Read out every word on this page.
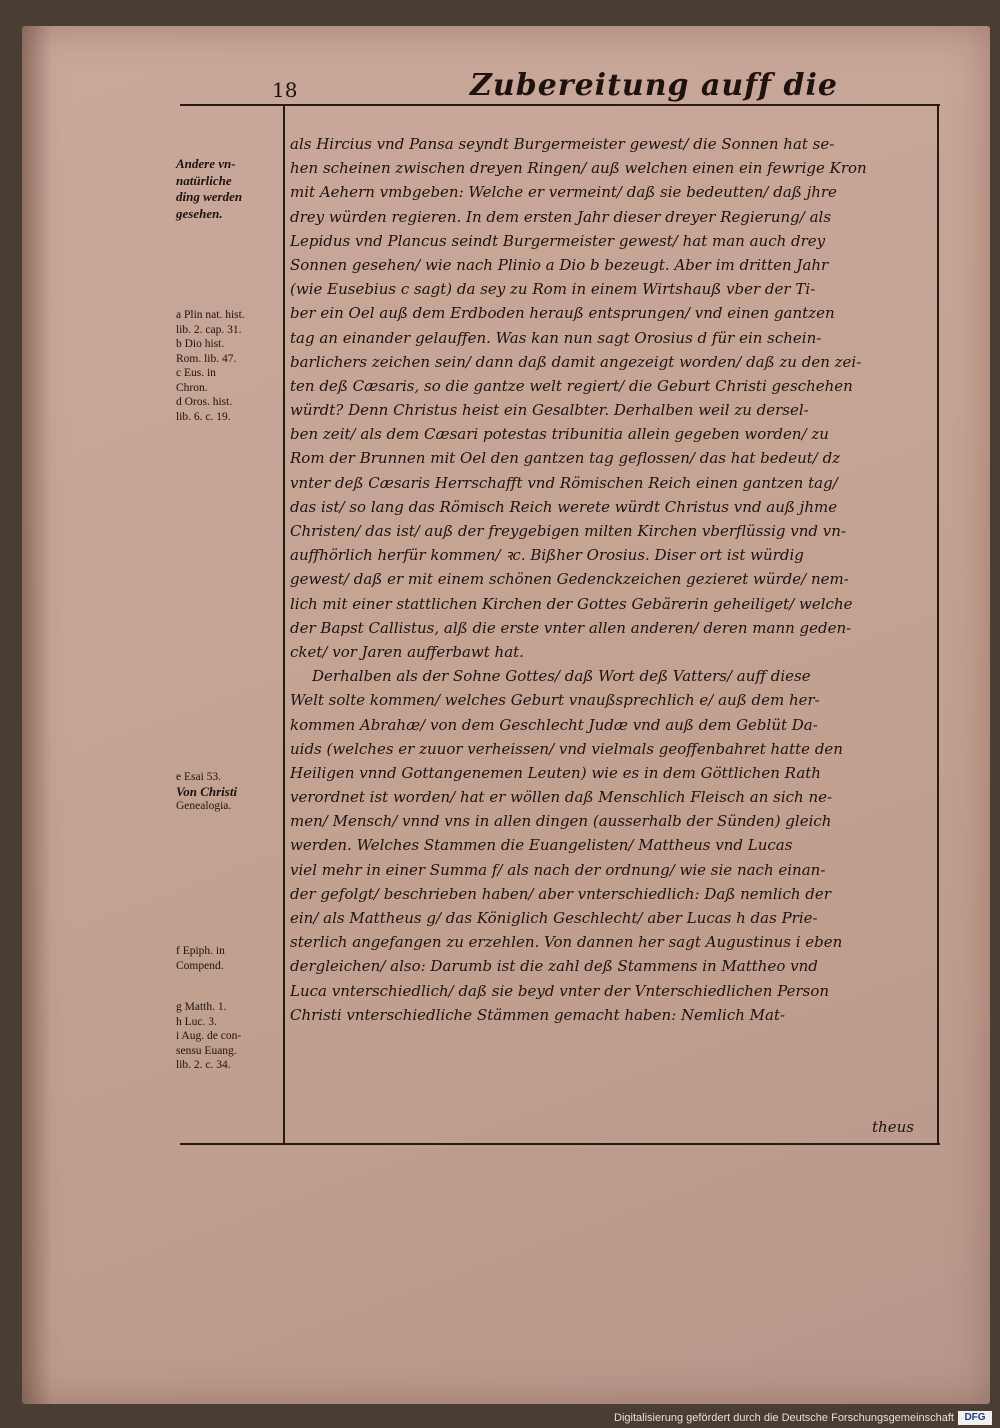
18	Zubereitung auff die

Andere vn-
natürliche
ding werden
gesehen.
a Plin nat. hist.
lib. 2. cap. 31.
b Dio hist.
Rom. lib. 47.
c Eus. in
Chron.
d Oros. hist.
lib. 6. c. 19.
e Esai 53.
Von Christi
Genealogia.
f Epiph. in
Compend.
g Matth. 1.
h Luc. 3.
i Aug. de con-
sensu Euang.
lib. 2. c. 34.
als Hircius vnd Pansa seyndt Burgermeister gewest/ die Sonnen hat se-
hen scheinen zwischen dreyen Ringen/ auß welchen einen ein fewrige Kron
mit Aehern vmbgeben: Welche er vermeint/ daß sie bedeutten/ daß jhre
drey würden regieren. In dem ersten Jahr dieser dreyer Regierung/ als
Lepidus vnd Plancus seindt Burgermeister gewest/ hat man auch drey
Sonnen gesehen/ wie nach Plinio a Dio b bezeugt. Aber im dritten Jahr
(wie Eusebius c sagt) da sey zu Rom in einem Wirtshauß vber der Ti-
ber ein Oel auß dem Erdboden herauß entsprungen/ vnd einen gantzen
tag an einander gelauffen. Was kan nun sagt Orosius d für ein schein-
barlichers zeichen sein/ dann daß damit angezeigt worden/ daß zu den zei-
ten deß Cæsaris, so die gantze welt regiert/ die Geburt Christi geschehen
würdt? Denn Christus heist ein Gesalbter. Derhalben weil zu dersel-
ben zeit/ als dem Cæsari potestas tribunitia allein gegeben worden/ zu
Rom der Brunnen mit Oel den gantzen tag geflossen/ das hat bedeut/ dz
vnter deß Cæsaris Herrschafft vnd Römischen Reich einen gantzen tag/
das ist/ so lang das Römisch Reich werete würdt Christus vnd auß jhme
Christen/ das ist/ auß der freygebigen milten Kirchen vberflüssig vnd vn-
auffhörlich herfür kommen/ ꝛc. Bißher Orosius. Diser ort ist würdig
gewest/ daß er mit einem schönen Gedenckzeichen gezieret würde/ nem-
lich mit einer stattlichen Kirchen der Gottes Gebärerin geheiliget/ welche
der Bapst Callistus, alß die erste vnter allen anderen/ deren mann geden-
cket/ vor Jaren aufferbawt hat.
Derhalben als der Sohne Gottes/ daß Wort deß Vatters/ auff diese
Welt solte kommen/ welches Geburt vnaußsprechlich e/ auß dem her-
kommen Abrahæ/ von dem Geschlecht Judæ vnd auß dem Geblüt Da-
uids (welches er zuuor verheissen/ vnd vielmals geoffenbahret hatte den
Heiligen vnnd Gottangenemen Leuten) wie es in dem Göttlichen Rath
verordnet ist worden/ hat er wöllen daß Menschlich Fleisch an sich ne-
men/ Mensch/ vnnd vns in allen dingen (ausserhalb der Sünden) gleich
werden. Welches Stammen die Euangelisten/ Mattheus vnd Lucas
viel mehr in einer Summa f/ als nach der ordnung/ wie sie nach einan-
der gefolgt/ beschrieben haben/ aber vnterschiedlich: Daß nemlich der
ein/ als Mattheus g/ das Königlich Geschlecht/ aber Lucas h das Prie-
sterlich angefangen zu erzehlen. Von dannen her sagt Augustinus i eben
dergleichen/ also: Darumb ist die zahl deß Stammens in Mattheo vnd
Luca vnterschiedlich/ daß sie beyd vnter der Vnterschiedlichen Person
Christi vnterschiedliche Stämmen gemacht haben: Nemlich Mat-

theus

Digitalisierung gefördert durch die Deutsche Forschungsgemeinschaft	DFG
